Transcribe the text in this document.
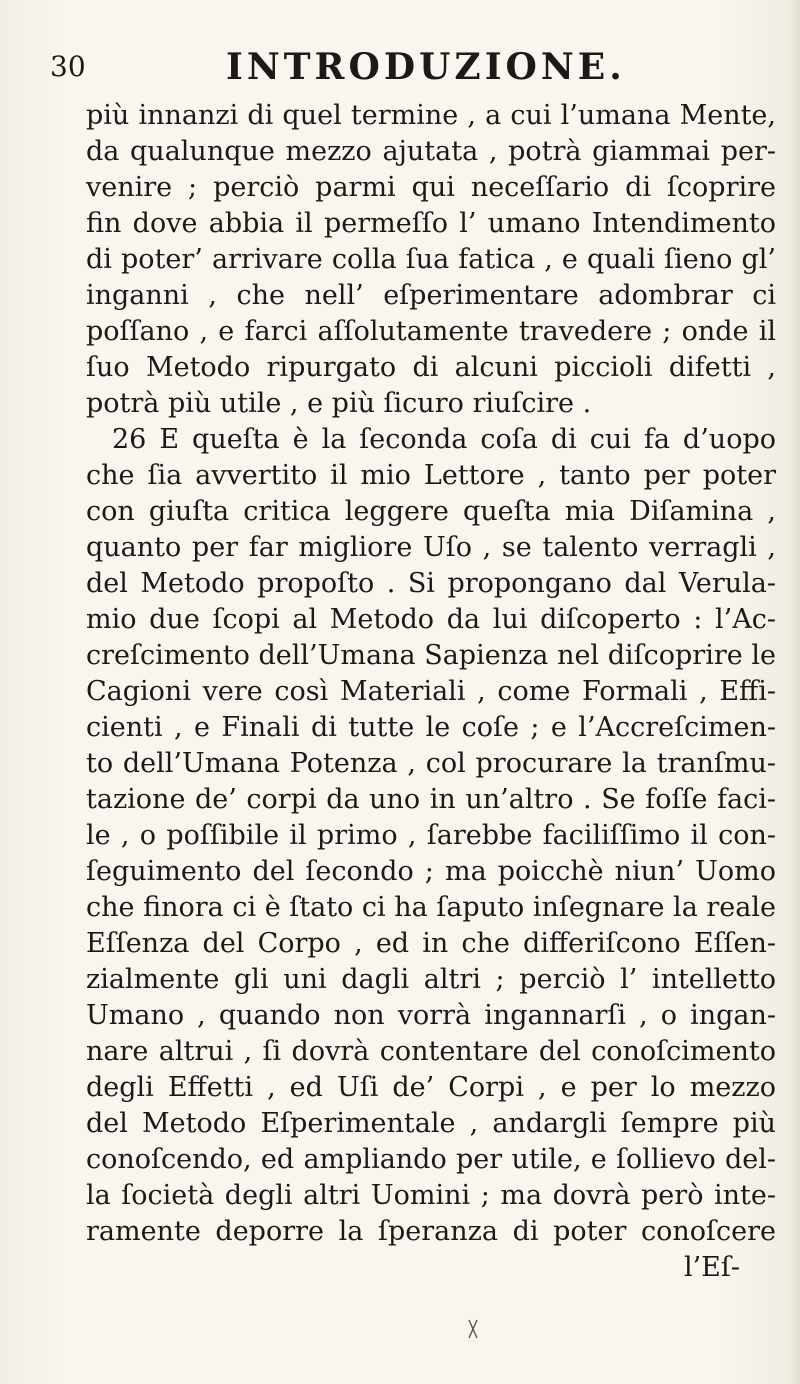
30	INTRODUZIONE.
più innanzi di quel termine , a cui l’umana Mente,
da qualunque mezzo ajutata , potrà giammai per-
venire ; perciò parmi qui neceſſario di ſcoprire
fin dove abbia il permeſſo l’ umano Intendimento
di poter’ arrivare colla ſua fatica , e quali ſieno gl’
inganni , che nell’ eſperimentare adombrar ci
poſſano , e farci aſſolutamente travedere ; onde il
ſuo Metodo ripurgato di alcuni piccioli difetti ,
potrà più utile , e più ſicuro riuſcire .
26 E queſta è la ſeconda coſa di cui fa d’uopo
che ſia avvertito il mio Lettore , tanto per poter
con giuſta critica leggere queſta mia Diſamina ,
quanto per far migliore Uſo , se talento verragli ,
del Metodo propoſto . Si propongano dal Verula-
mio due ſcopi al Metodo da lui diſcoperto : l’Ac-
creſcimento dell’Umana Sapienza nel diſcoprire le
Cagioni vere così Materiali , come Formali , Effi-
cienti , e Finali di tutte le coſe ; e l’Accreſcimen-
to dell’Umana Potenza , col procurare la tranſmu-
tazione de’ corpi da uno in un’altro . Se foſſe faci-
le , o poſſibile il primo , ſarebbe faciliſſimo il con-
ſeguimento del ſecondo ; ma poicchè niun’ Uomo
che finora ci è ſtato ci ha ſaputo inſegnare la reale
Eſſenza del Corpo , ed in che differiſcono Eſſen-
zialmente gli uni dagli altri ; perciò l’ intelletto
Umano , quando non vorrà ingannarſi , o ingan-
nare altrui , ſi dovrà contentare del conoſcimento
degli Effetti , ed Uſi de’ Corpi , e per lo mezzo
del Metodo Eſperimentale , andargli ſempre più
conoſcendo, ed ampliando per utile, e ſollievo del-
la ſocietà degli altri Uomini ; ma dovrà però inte-
ramente deporre la ſperanza di poter conoſcere
l’Eſ-
